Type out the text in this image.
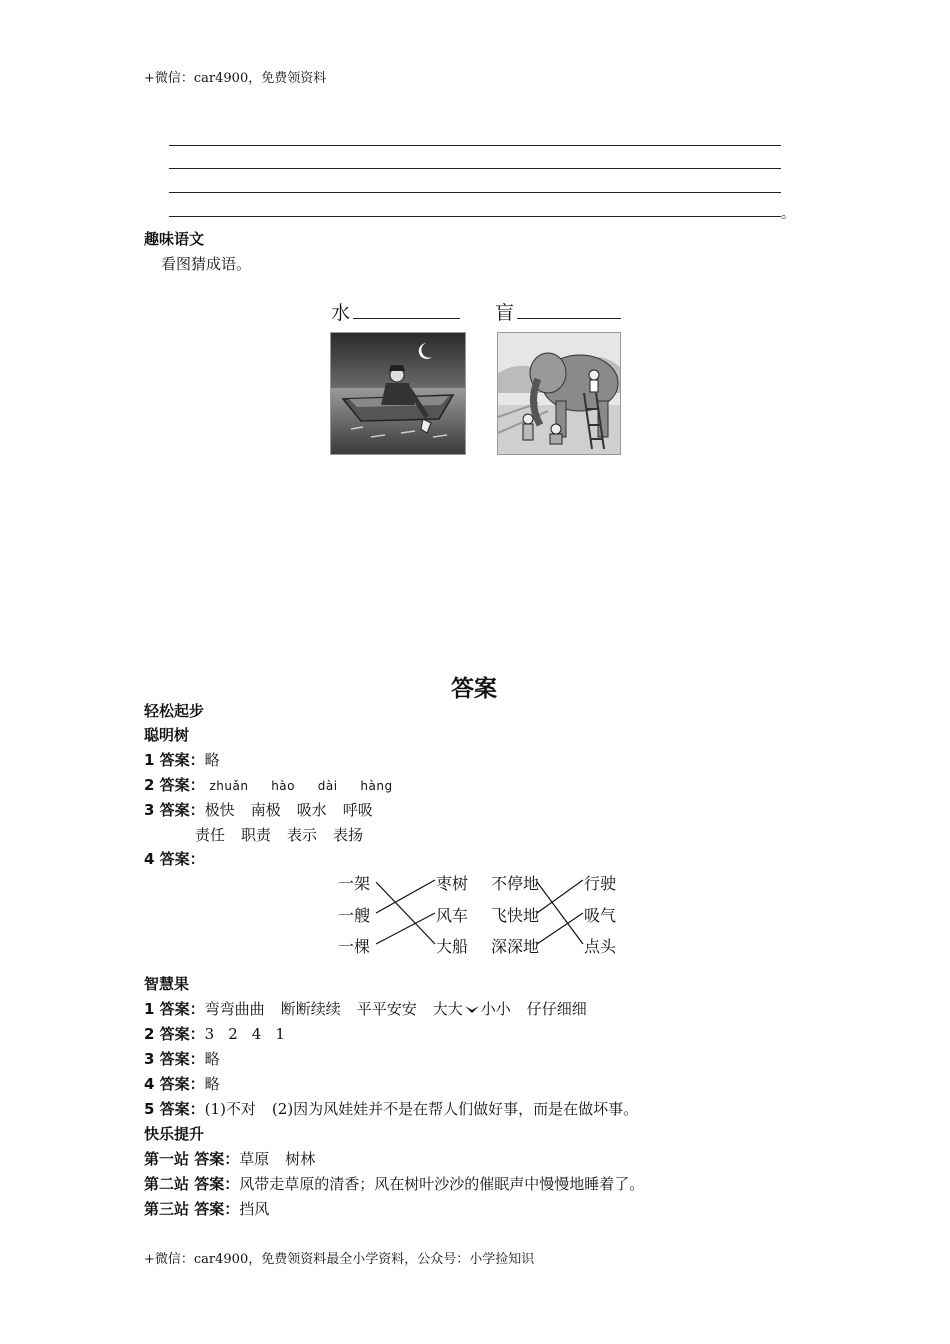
+微信：car4900，免费领资料
。
趣味语文
看图猜成语。
水	盲
答案
轻松起步
聪明树
1 答案：略
2 答案： zhuǎn hào dài hàng
3 答案：极快 南极 吸水 呼吸
责任 职责 表示 表扬
4 答案：
一架
一艘
一棵
枣树
风车
大船
不停地
飞快地
深深地
行驶
吸气
点头
智慧果
1 答案：弯弯曲曲 断断续续 平平安安 大大 小小 仔仔细细
2 答案：3 2 4 1
3 答案：略
4 答案：略
5 答案：(1)不对 (2)因为风娃娃并不是在帮人们做好事，而是在做坏事。
快乐提升
第一站 答案：草原 树林
第二站 答案：风带走草原的清香；风在树叶沙沙的催眠声中慢慢地睡着了。
第三站 答案：挡风
+微信：car4900，免费领资料最全小学资料，公众号：小学捡知识
